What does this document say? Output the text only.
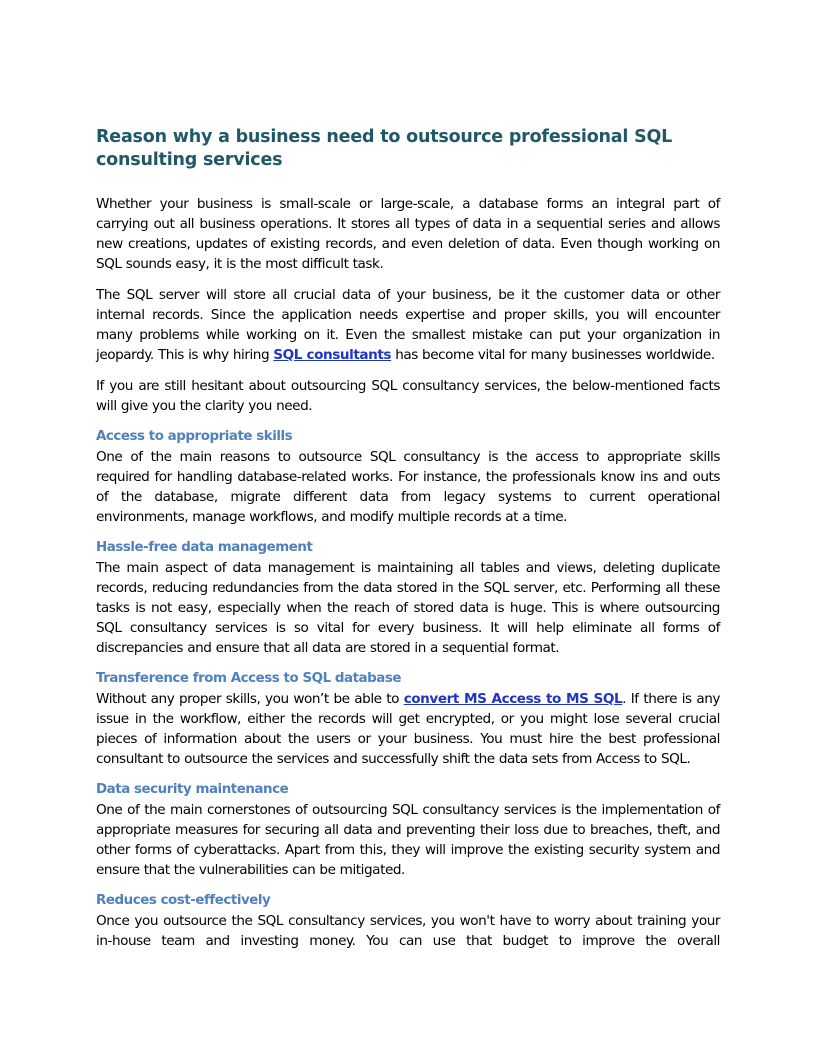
Reason why a business need to outsource professional SQL consulting services

Whether your business is small-scale or large-scale, a database forms an integral part of carrying out all business operations. It stores all types of data in a sequential series and allows new creations, updates of existing records, and even deletion of data. Even though working on SQL sounds easy, it is the most difficult task.

The SQL server will store all crucial data of your business, be it the customer data or other internal records. Since the application needs expertise and proper skills, you will encounter many problems while working on it. Even the smallest mistake can put your organization in jeopardy. This is why hiring SQL consultants has become vital for many businesses worldwide.

If you are still hesitant about outsourcing SQL consultancy services, the below-mentioned facts will give you the clarity you need.

Access to appropriate skills

One of the main reasons to outsource SQL consultancy is the access to appropriate skills required for handling database-related works. For instance, the professionals know ins and outs of the database, migrate different data from legacy systems to current operational environments, manage workflows, and modify multiple records at a time.

Hassle-free data management

The main aspect of data management is maintaining all tables and views, deleting duplicate records, reducing redundancies from the data stored in the SQL server, etc. Performing all these tasks is not easy, especially when the reach of stored data is huge. This is where outsourcing SQL consultancy services is so vital for every business. It will help eliminate all forms of discrepancies and ensure that all data are stored in a sequential format.

Transference from Access to SQL database

Without any proper skills, you won’t be able to convert MS Access to MS SQL. If there is any issue in the workflow, either the records will get encrypted, or you might lose several crucial pieces of information about the users or your business. You must hire the best professional consultant to outsource the services and successfully shift the data sets from Access to SQL.

Data security maintenance

One of the main cornerstones of outsourcing SQL consultancy services is the implementation of appropriate measures for securing all data and preventing their loss due to breaches, theft, and other forms of cyberattacks. Apart from this, they will improve the existing security system and ensure that the vulnerabilities can be mitigated.

Reduces cost-effectively

Once you outsource the SQL consultancy services, you won't have to worry about training your in-house team and investing money. You can use that budget to improve the overall
